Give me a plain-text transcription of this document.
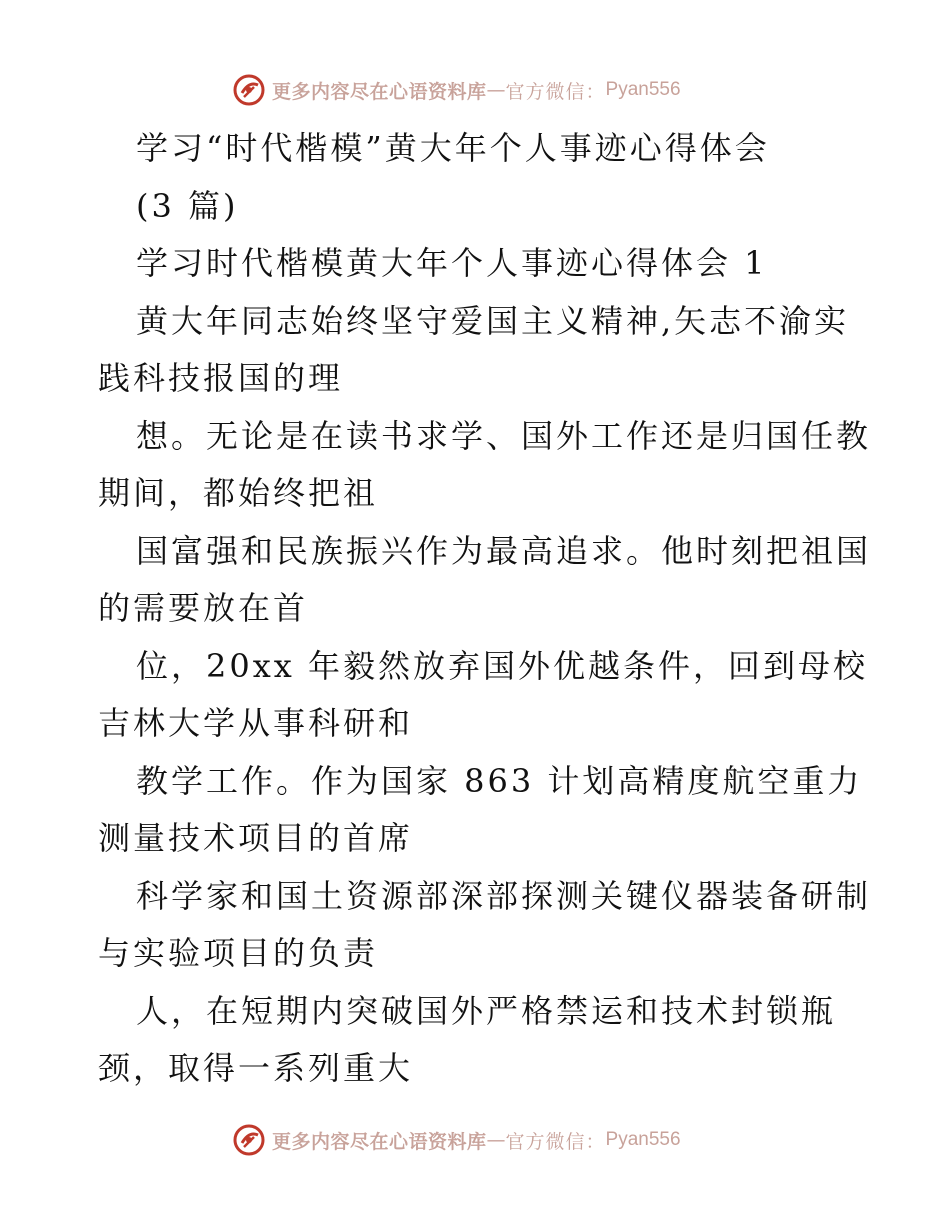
更多内容尽在心语资料库 — 官方微信： Pyan556
学习“时代楷模”黄大年个人事迹心得体会
(3 篇)
学习时代楷模黄大年个人事迹心得体会 1
黄大年同志始终坚守爱国主义精神,矢志不渝实
践科技报国的理
想。无论是在读书求学、国外工作还是归国任教
期间，都始终把祖
国富强和民族振兴作为最高追求。他时刻把祖国
的需要放在首
位，20xx 年毅然放弃国外优越条件，回到母校
吉林大学从事科研和
教学工作。作为国家 863 计划高精度航空重力
测量技术项目的首席
科学家和国土资源部深部探测关键仪器装备研制
与实验项目的负责
人，在短期内突破国外严格禁运和技术封锁瓶
颈，取得一系列重大
更多内容尽在心语资料库 — 官方微信： Pyan556
